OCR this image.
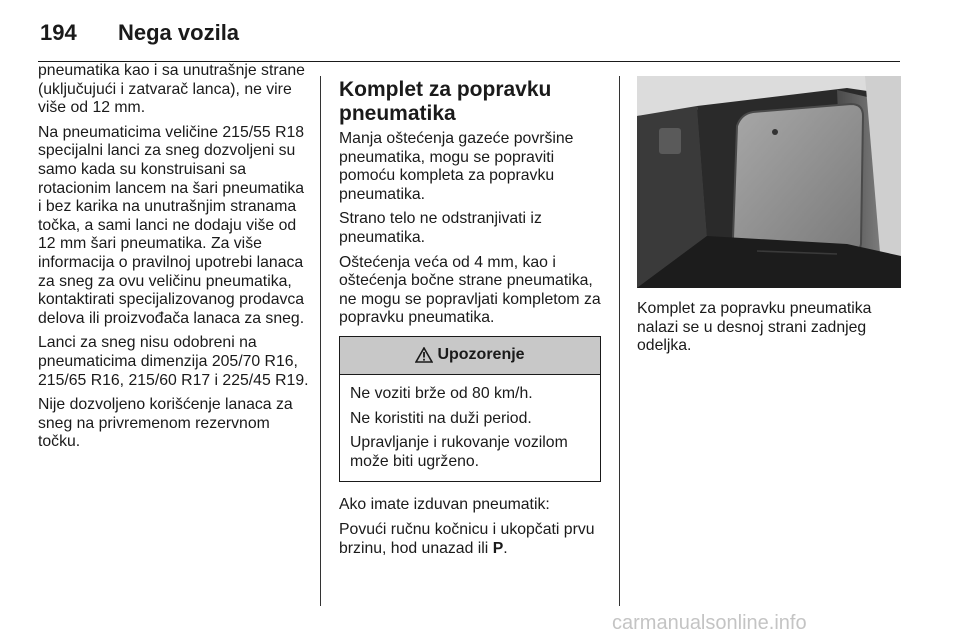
194 Nega vozila

pneumatika kao i sa unutrašnje strane (uključujući i zatvarač lanca), ne vire više od 12 mm.

Na pneumaticima veličine 215/55 R18 specijalni lanci za sneg dozvoljeni su samo kada su konstruisani sa rotacionim lancem na šari pneumatika i bez karika na unutrašnjim stranama točka, a sami lanci ne dodaju više od 12 mm šari pneumatika. Za više informacija o pravilnoj upotrebi lanaca za sneg za ovu veličinu pneumatika, kontaktirati specijalizovanog prodavca delova ili proizvođača lanaca za sneg.

Lanci za sneg nisu odobreni na pneumaticima dimenzija 205/70 R16, 215/65 R16, 215/60 R17 i 225/45 R19.

Nije dozvoljeno korišćenje lanaca za sneg na privremenom rezervnom točku.

Komplet za popravku pneumatika

Manja oštećenja gazeće površine pneumatika, mogu se popraviti pomoću kompleta za popravku pneumatika.

Strano telo ne odstranjivati iz pneumatika.

Oštećenja veća od 4 mm, kao i oštećenja bočne strane pneumatika, ne mogu se popravljati kompletom za popravku pneumatika.

Upozorenje

Ne voziti brže od 80 km/h.

Ne koristiti na duži period.

Upravljanje i rukovanje vozilom može biti ugrženo.

Ako imate izduvan pneumatik:

Povući ručnu kočnicu i ukopčati prvu brzinu, hod unazad ili P.

Komplet za popravku pneumatika nalazi se u desnoj strani zadnjeg odeljka.

carmanualsonline.info
